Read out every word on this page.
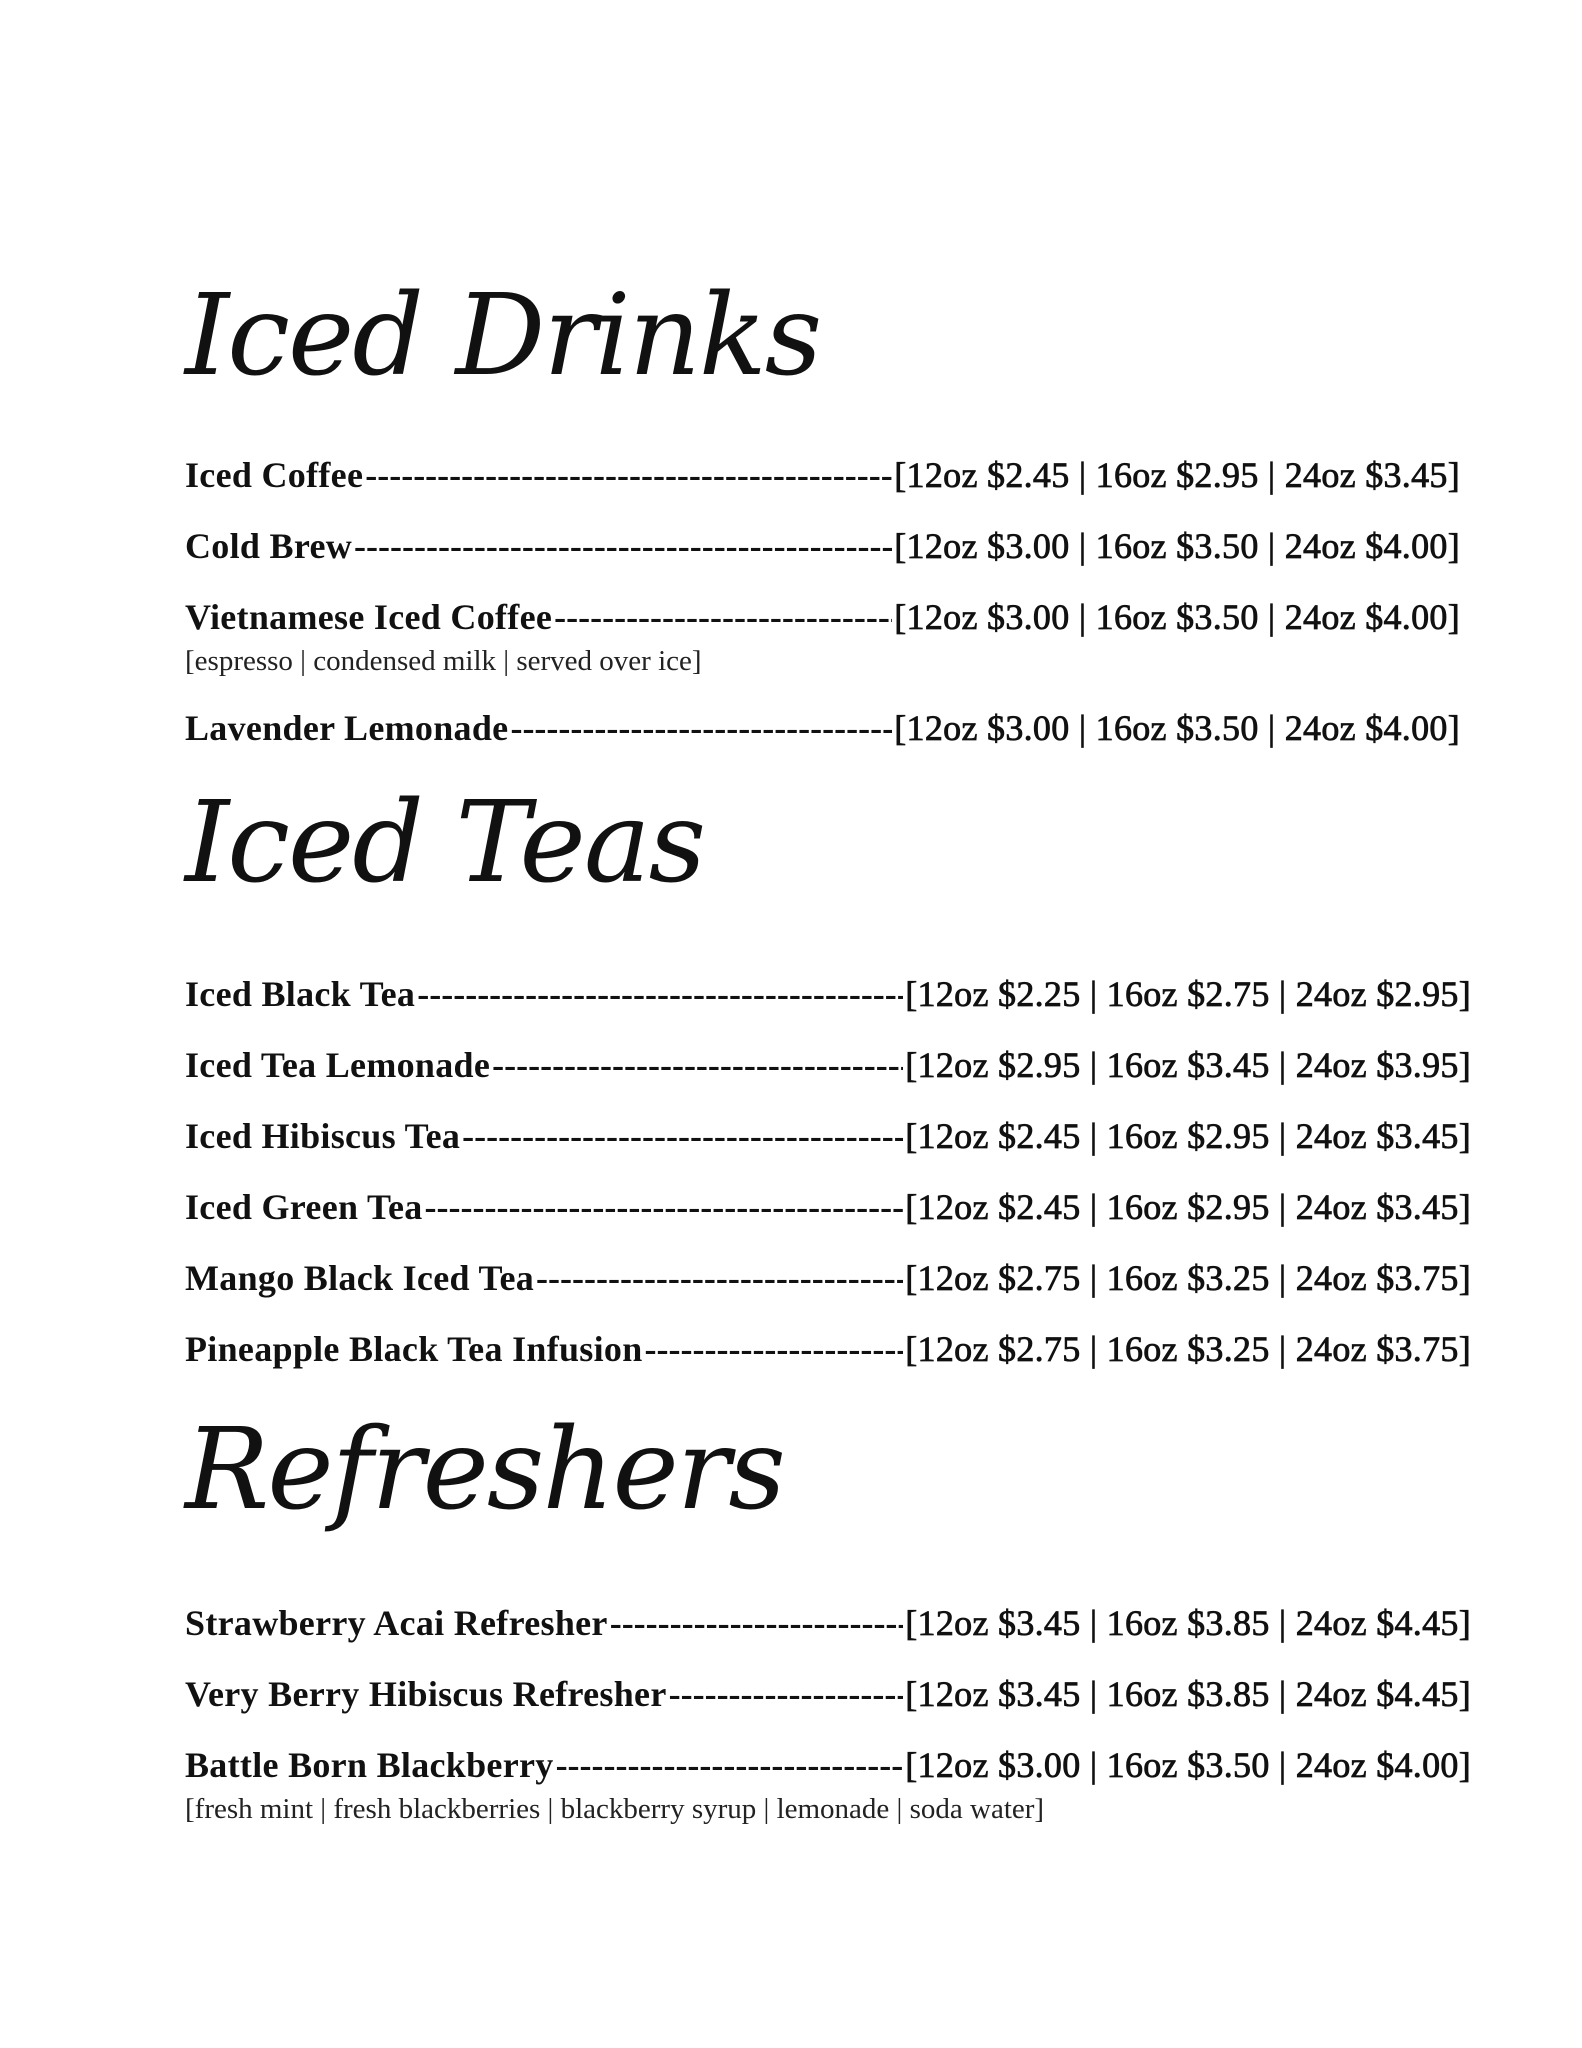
Iced Drinks
Iced Coffee -----	[12oz $2.45 | 16oz $2.95 | 24oz $3.45]
Cold Brew -----	[12oz $3.00 | 16oz $3.50 | 24oz $4.00]
Vietnamese Iced Coffee -----	[12oz $3.00 | 16oz $3.50 | 24oz $4.00]
[espresso | condensed milk | served over ice]
Lavender Lemonade -----	[12oz $3.00 | 16oz $3.50 | 24oz $4.00]
Iced Teas
Iced Black Tea -----	[12oz $2.25 | 16oz $2.75 | 24oz $2.95]
Iced Tea Lemonade -----	[12oz $2.95 | 16oz $3.45 | 24oz $3.95]
Iced Hibiscus Tea -----	[12oz $2.45 | 16oz $2.95 | 24oz $3.45]
Iced Green Tea -----	[12oz $2.45 | 16oz $2.95 | 24oz $3.45]
Mango Black Iced Tea -----	[12oz $2.75 | 16oz $3.25 | 24oz $3.75]
Pineapple Black Tea Infusion -----	[12oz $2.75 | 16oz $3.25 | 24oz $3.75]
Refreshers
Strawberry Acai Refresher -----	[12oz $3.45 | 16oz $3.85 | 24oz $4.45]
Very Berry Hibiscus Refresher -----	[12oz $3.45 | 16oz $3.85 | 24oz $4.45]
Battle Born Blackberry -----	[12oz $3.00 | 16oz $3.50 | 24oz $4.00]
[fresh mint | fresh blackberries | blackberry syrup | lemonade | soda water]
